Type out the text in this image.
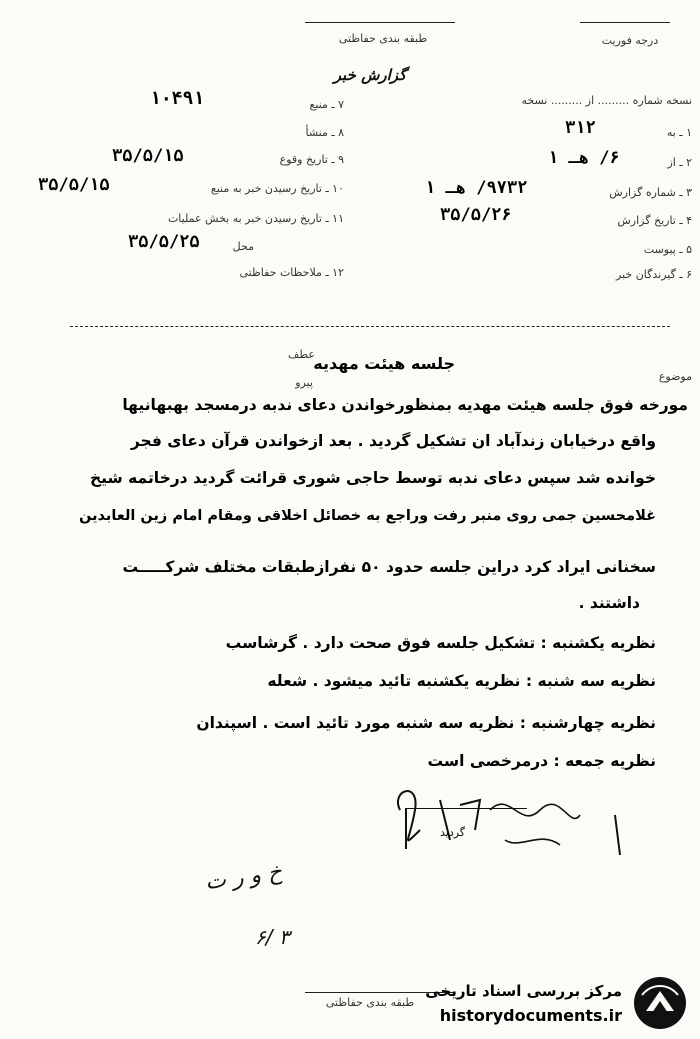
طبقه بندی حفاظتی	درجه فوریت
گزارش خبر
نسخه شماره ......... از ......... نسخه
۱ ـ به
۳۱۲
۲ ـ از
۶/ هـ ۱
۳ ـ شماره گزارش
۹۷۳۲/ هـ ۱
۴ ـ تاریخ گزارش
۳۵/۵/۲۶
۵ ـ پیوست
۶ ـ گیرندگان خبر
۷ ـ منبع
۱۰۴۹۱
۸ ـ منشأ
۹ ـ تاریخ وقوع
۳۵/۵/۱۵
۱۰ ـ تاریخ رسیدن خبر به منبع
۳۵/۵/۱۵
۱۱ ـ تاریخ رسیدن خبر به بخش عملیات
محل
۳۵/۵/۲۵
۱۲ ـ ملاحظات حفاظتی
عطف
پیرو	موضوع
جلسه هیئت مهدیه
مورخه فوق جلسه هیئت مهدیه بمنظورخواندن دعای ندبه درمسجد بهبهانیها
واقع درخیابان زندآباد ان تشکیل گردید . بعد ازخواندن قرآن دعای فجر
خوانده شد سپس دعای ندبه توسط حاجی شوری قرائت گردید درخاتمه شیخ
غلامحسین جمی روی منبر رفت وراجع به خصائل اخلاقی ومقام امام زین العابدین
سخنانی ایراد کرد دراین جلسه حدود ۵۰ نفرازطبقات مختلف شرکـــــت
داشتند .
نظریه یکشنبه : تشکیل جلسه فوق صحت دارد . گرشاسب
نظریه سه شنبه : نظریه یکشنبه تائید میشود . شعله
نظریه چهارشنبه : نظریه سه شنبه مورد تائید است . اسپندان
نظریه جمعه : درمرخصی است
گردید
خ و ر ت
۶/ ۳
طبقه بندی حفاظتی
مرکز بررسی اسناد تاریخی
historydocuments.ir
